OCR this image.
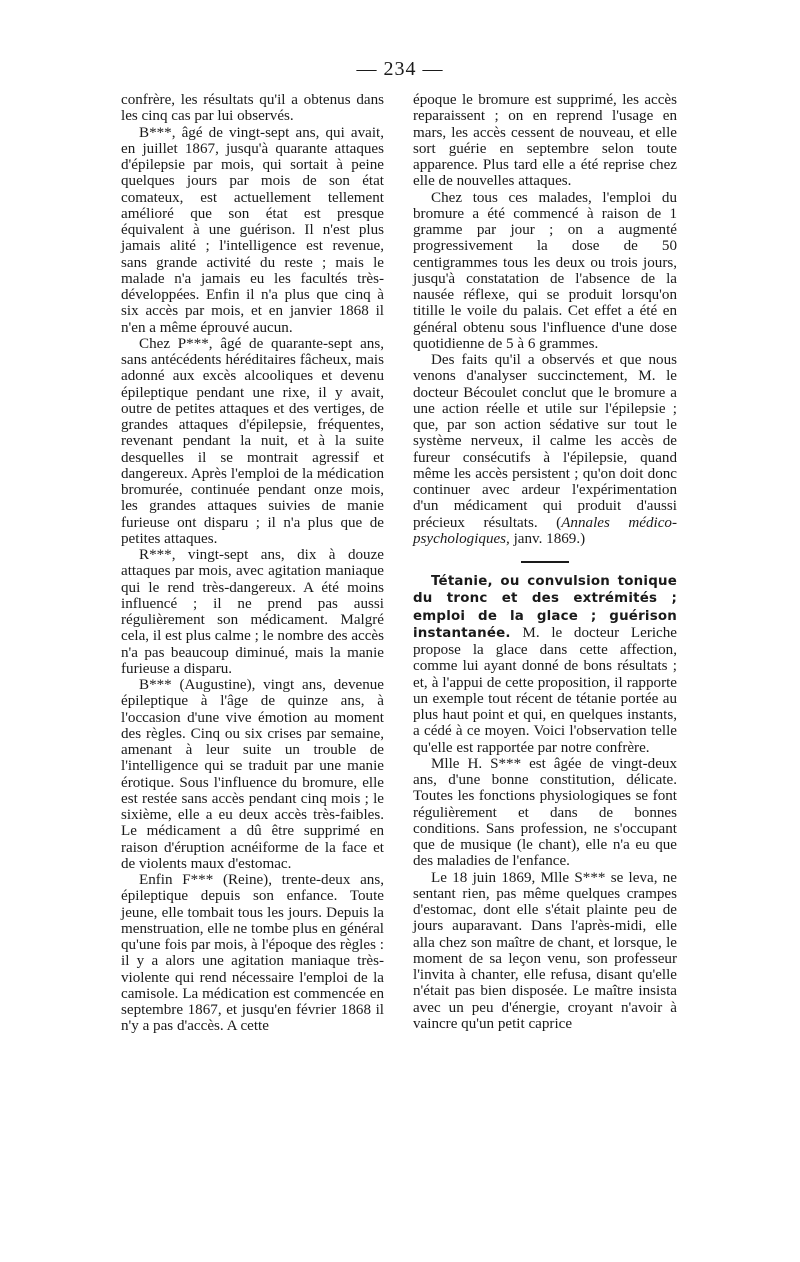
— 234 —

confrère, les résultats qu'il a obtenus dans les cinq cas par lui observés.

B***, âgé de vingt-sept ans, qui avait, en juillet 1867, jusqu'à quarante attaques d'épilepsie par mois, qui sortait à peine quelques jours par mois de son état comateux, est actuellement tellement amélioré que son état est presque équivalent à une guérison. Il n'est plus jamais alité ; l'intelligence est revenue, sans grande activité du reste ; mais le malade n'a jamais eu les facultés très-développées. Enfin il n'a plus que cinq à six accès par mois, et en janvier 1868 il n'en a même éprouvé aucun.

Chez P***, âgé de quarante-sept ans, sans antécédents héréditaires fâcheux, mais adonné aux excès alcooliques et devenu épileptique pendant une rixe, il y avait, outre de petites attaques et des vertiges, de grandes attaques d'épilepsie, fréquentes, revenant pendant la nuit, et à la suite desquelles il se montrait agressif et dangereux. Après l'emploi de la médication bromurée, continuée pendant onze mois, les grandes attaques suivies de manie furieuse ont disparu ; il n'a plus que de petites attaques.

R***, vingt-sept ans, dix à douze attaques par mois, avec agitation maniaque qui le rend très-dangereux. A été moins influencé ; il ne prend pas aussi régulièrement son médicament. Malgré cela, il est plus calme ; le nombre des accès n'a pas beaucoup diminué, mais la manie furieuse a disparu.

B*** (Augustine), vingt ans, devenue épileptique à l'âge de quinze ans, à l'occasion d'une vive émotion au moment des règles. Cinq ou six crises par semaine, amenant à leur suite un trouble de l'intelligence qui se traduit par une manie érotique. Sous l'influence du bromure, elle est restée sans accès pendant cinq mois ; le sixième, elle a eu deux accès très-faibles. Le médicament a dû être supprimé en raison d'éruption acnéiforme de la face et de violents maux d'estomac.

Enfin F*** (Reine), trente-deux ans, épileptique depuis son enfance. Toute jeune, elle tombait tous les jours. Depuis la menstruation, elle ne tombe plus en général qu'une fois par mois, à l'époque des règles : il y a alors une agitation maniaque très-violente qui rend nécessaire l'emploi de la camisole. La médication est commencée en septembre 1867, et jusqu'en février 1868 il n'y a pas d'accès. A cette

époque le bromure est supprimé, les accès reparaissent ; on en reprend l'usage en mars, les accès cessent de nouveau, et elle sort guérie en septembre selon toute apparence. Plus tard elle a été reprise chez elle de nouvelles attaques.

Chez tous ces malades, l'emploi du bromure a été commencé à raison de 1 gramme par jour ; on a augmenté progressivement la dose de 50 centigrammes tous les deux ou trois jours, jusqu'à constatation de l'absence de la nausée réflexe, qui se produit lorsqu'on titille le voile du palais. Cet effet a été en général obtenu sous l'influence d'une dose quotidienne de 5 à 6 grammes.

Des faits qu'il a observés et que nous venons d'analyser succinctement, M. le docteur Bécoulet conclut que le bromure a une action réelle et utile sur l'épilepsie ; que, par son action sédative sur tout le système nerveux, il calme les accès de fureur consécutifs à l'épilepsie, quand même les accès persistent ; qu'on doit donc continuer avec ardeur l'expérimentation d'un médicament qui produit d'aussi précieux résultats. (Annales médico-psychologiques, janv. 1869.)

Tétanie, ou convulsion tonique du tronc et des extrémités ; emploi de la glace ; guérison instantanée. M. le docteur Leriche propose la glace dans cette affection, comme lui ayant donné de bons résultats ; et, à l'appui de cette proposition, il rapporte un exemple tout récent de tétanie portée au plus haut point et qui, en quelques instants, a cédé à ce moyen. Voici l'observation telle qu'elle est rapportée par notre confrère.

Mlle H. S*** est âgée de vingt-deux ans, d'une bonne constitution, délicate. Toutes les fonctions physiologiques se font régulièrement et dans de bonnes conditions. Sans profession, ne s'occupant que de musique (le chant), elle n'a eu que des maladies de l'enfance.

Le 18 juin 1869, Mlle S*** se leva, ne sentant rien, pas même quelques crampes d'estomac, dont elle s'était plainte peu de jours auparavant. Dans l'après-midi, elle alla chez son maître de chant, et lorsque, le moment de sa leçon venu, son professeur l'invita à chanter, elle refusa, disant qu'elle n'était pas bien disposée. Le maître insista avec un peu d'énergie, croyant n'avoir à vaincre qu'un petit caprice
